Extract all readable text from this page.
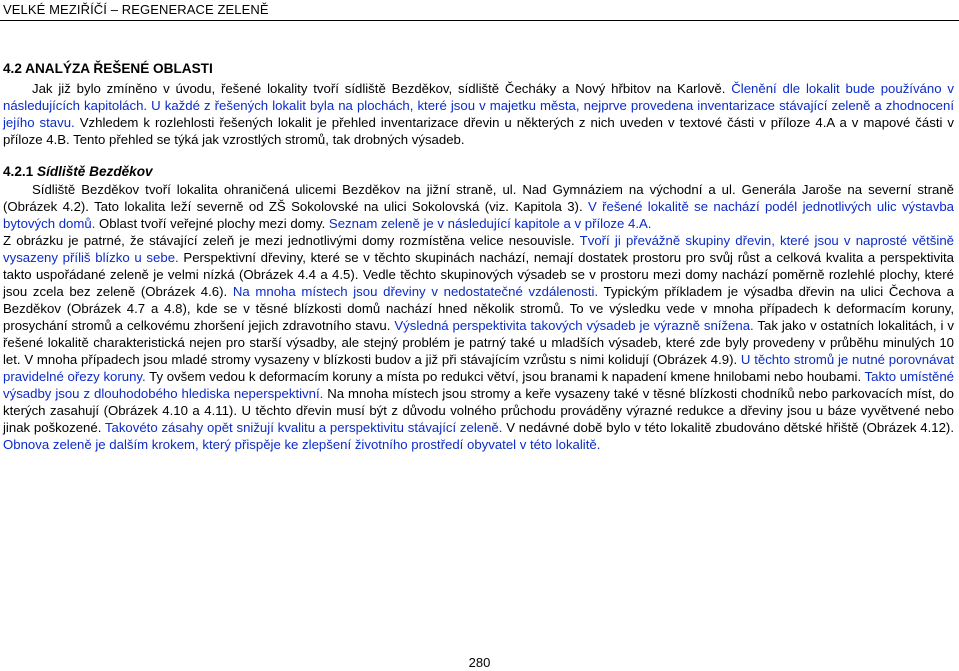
VELKÉ MEZIŘÍČÍ – REGENERACE ZELENĚ
4.2 ANALÝZA ŘEŠENÉ OBLASTI

Jak již bylo zmíněno v úvodu, řešené lokality tvoří sídliště Bezděkov, sídliště Čecháky a Nový hřbitov na Karlově. Členění dle lokalit bude používáno v následujících kapitolách. U každé z řešených lokalit byla na plochách, které jsou v majetku města, nejprve provedena inventarizace stávající zeleně a zhodnocení jejího stavu. Vzhledem k rozlehlosti řešených lokalit je přehled inventarizace dřevin u některých z nich uveden v textové části v příloze 4.A a v mapové části v příloze 4.B. Tento přehled se týká jak vzrostlých stromů, tak drobných výsadeb.

4.2.1 Sídliště Bezděkov

Sídliště Bezděkov tvoří lokalita ohraničená ulicemi Bezděkov na jižní straně, ul. Nad Gymnáziem na východní a ul. Generála Jaroše na severní straně (Obrázek 4.2). Tato lokalita leží severně od ZŠ Sokolovské na ulici Sokolovská (viz. Kapitola 3). V řešené lokalitě se nachází podél jednotlivých ulic výstavba bytových domů. Oblast tvoří veřejné plochy mezi domy. Seznam zeleně je v následující kapitole a v příloze 4.A.

Z obrázku je patrné, že stávající zeleň je mezi jednotlivými domy rozmístěna velice nesouvisle. Tvoří ji převážně skupiny dřevin, které jsou v naprosté většině vysazeny příliš blízko u sebe. Perspektivní dřeviny, které se v těchto skupinách nachází, nemají dostatek prostoru pro svůj růst a celková kvalita a perspektivita takto uspořádané zeleně je velmi nízká (Obrázek 4.4 a 4.5). Vedle těchto skupinových výsadeb se v prostoru mezi domy nachází poměrně rozlehlé plochy, které jsou zcela bez zeleně (Obrázek 4.6). Na mnoha místech jsou dřeviny v nedostatečné vzdálenosti. Typickým příkladem je výsadba dřevin na ulici Čechova a Bezděkov (Obrázek 4.7 a 4.8), kde se v těsné blízkosti domů nachází hned několik stromů. To ve výsledku vede v mnoha případech k deformacím koruny, prosychání stromů a celkovému zhoršení jejich zdravotního stavu. Výsledná perspektivita takových výsadeb je výrazně snížena. Tak jako v ostatních lokalitách, i v řešené lokalitě charakteristická nejen pro starší výsadby, ale stejný problém je patrný také u mladších výsadeb, které zde byly provedeny v průběhu minulých 10 let. V mnoha případech jsou mladé stromy vysazeny v blízkosti budov a již při stávajícím vzrůstu s nimi kolidují (Obrázek 4.9). U těchto stromů je nutné porovnávat pravidelné ořezy koruny. Ty ovšem vedou k deformacím koruny a místa po redukci větví, jsou branami k napadení kmene hnilobami nebo houbami. Takto umístěné výsadby jsou z dlouhodobého hlediska neperspektivní. Na mnoha místech jsou stromy a keře vysazeny také v těsné blízkosti chodníků nebo parkovacích míst, do kterých zasahují (Obrázek 4.10 a 4.11). U těchto dřevin musí být z důvodu volného průchodu prováděny výrazné redukce a dřeviny jsou u báze vyvětvené nebo jinak poškozené. Takovéto zásahy opět snižují kvalitu a perspektivitu stávající zeleně. V nedávné době bylo v této lokalitě zbudováno dětské hřiště (Obrázek 4.12). Obnova zeleně je dalším krokem, který přispěje ke zlepšení životního prostředí obyvatel v této lokalitě.

280
